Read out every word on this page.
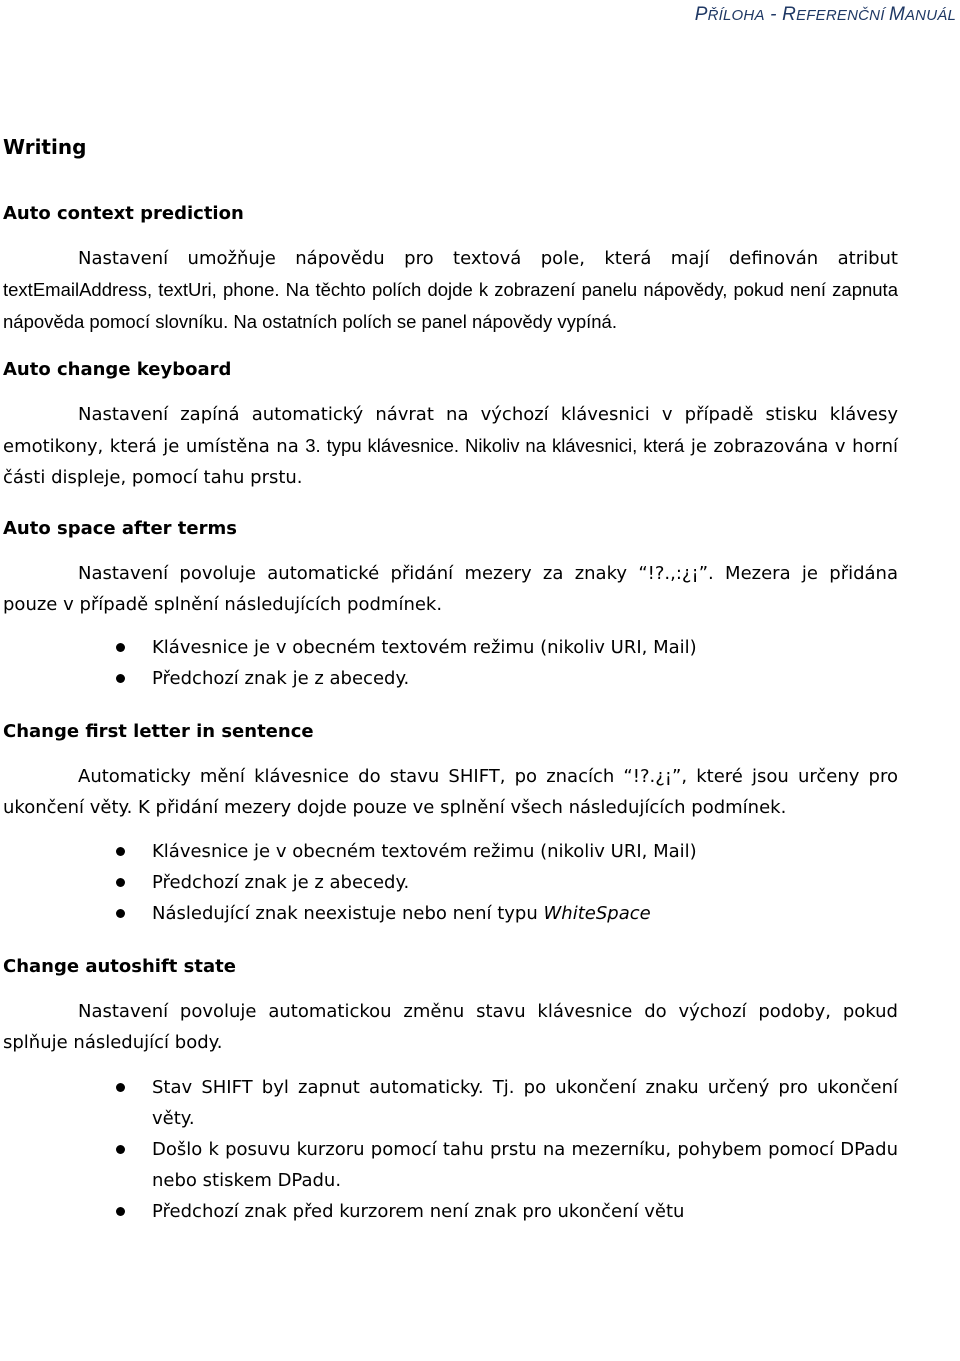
PŘÍLOHA - REFERENČNÍ MANUÁL
Writing
Auto context prediction

Nastavení umožňuje nápovědu pro textová pole, která mají definován atribut textEmailAddress, textUri, phone. Na těchto polích dojde k zobrazení panelu nápovědy, pokud není zapnuta nápověda pomocí slovníku. Na ostatních polích se panel nápovědy vypíná.

Auto change keyboard

Nastavení zapíná automatický návrat na výchozí klávesnici v případě stisku klávesy emotikony, která je umístěna na 3. typu klávesnice. Nikoliv na klávesnici, která je zobrazována v horní části displeje, pomocí tahu prstu.

Auto space after terms

Nastavení povoluje automatické přidání mezery za znaky “!?.,:¿¡”. Mezera je přidána pouze v případě splnění následujících podmínek.

Klávesnice je v obecném textovém režimu (nikoliv URI, Mail)
Předchozí znak je z abecedy.
Change first letter in sentence

Automaticky mění klávesnice do stavu SHIFT, po znacích “!?.¿¡”, které jsou určeny pro ukončení věty. K přidání mezery dojde pouze ve splnění všech následujících podmínek.

Klávesnice je v obecném textovém režimu (nikoliv URI, Mail)
Předchozí znak je z abecedy.
Následující znak neexistuje nebo není typu WhiteSpace
Change autoshift state

Nastavení povoluje automatickou změnu stavu klávesnice do výchozí podoby, pokud splňuje následující body.

Stav SHIFT byl zapnut automaticky. Tj. po ukončení znaku určený pro ukončení věty.
Došlo k posuvu kurzoru pomocí tahu prstu na mezerníku, pohybem pomocí DPadu nebo stiskem DPadu.
Předchozí znak před kurzorem není znak pro ukončení větu
